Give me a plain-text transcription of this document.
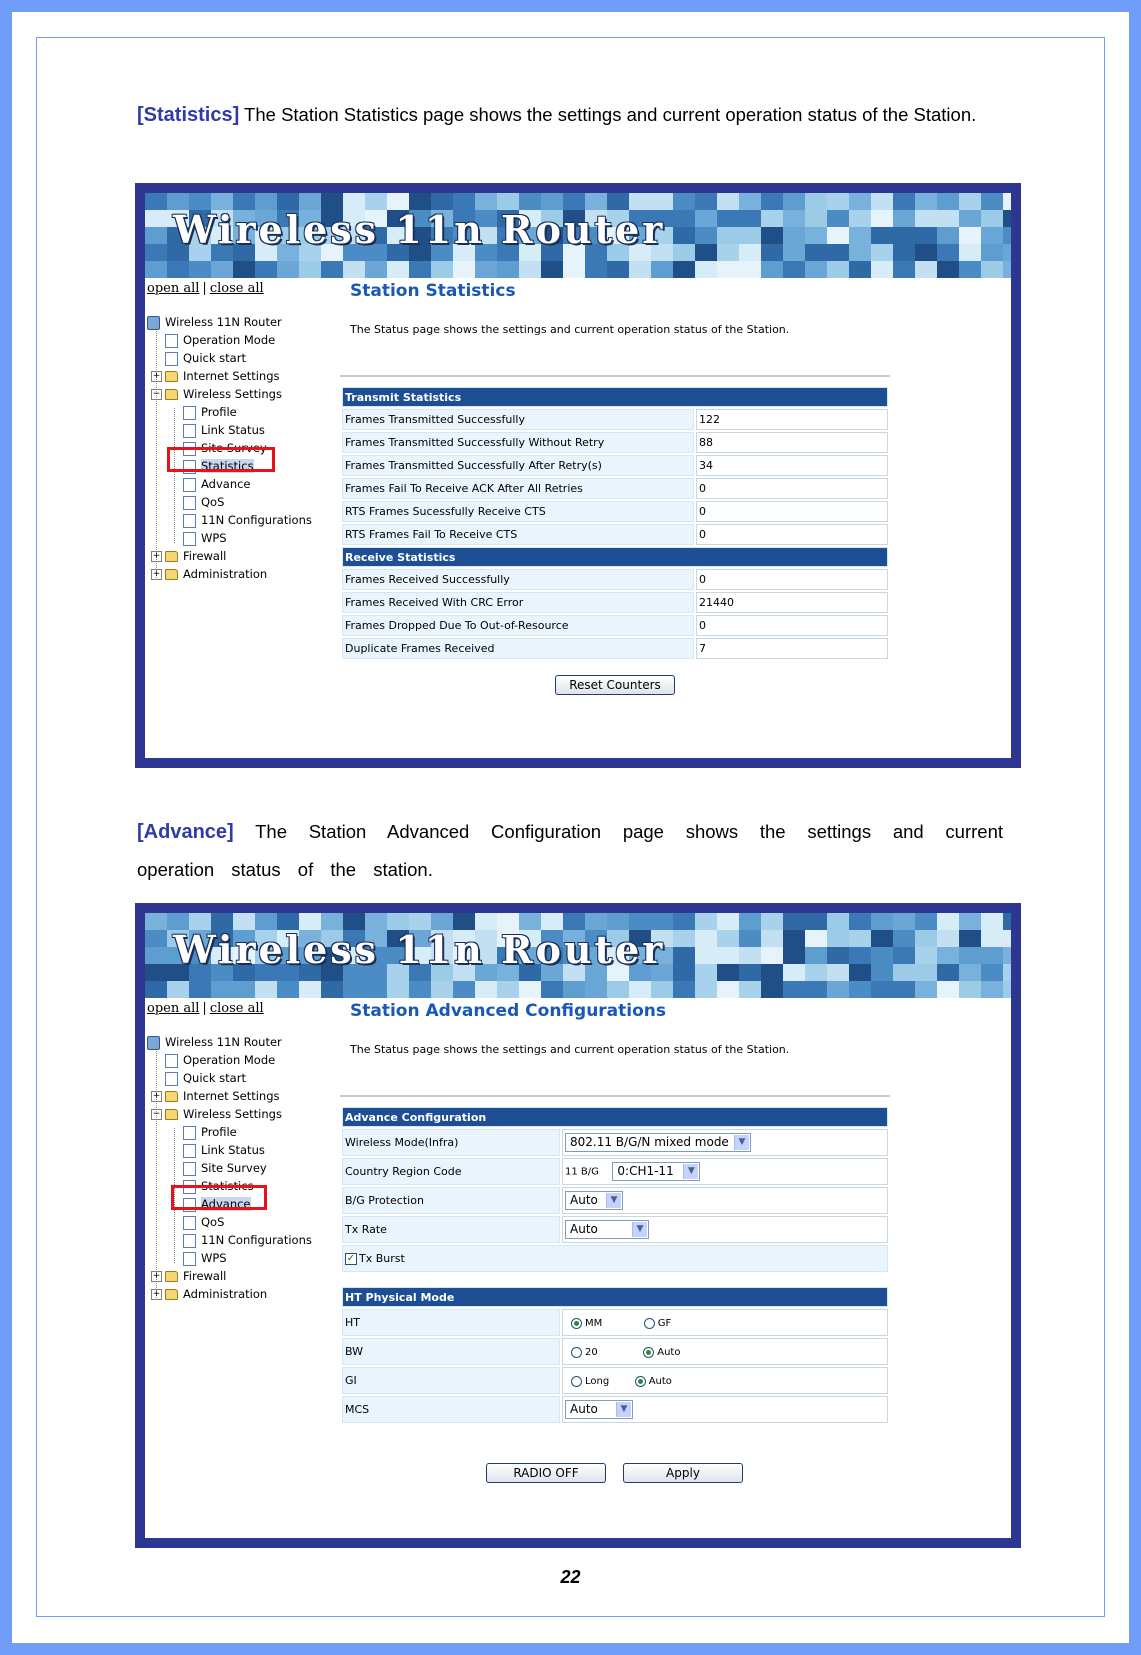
[Statistics] The Station Statistics page shows the settings and current operation status of the Station.
Wireless 11n Router
open all | close all
Wireless 11N Router
Operation Mode
Quick start
+ Internet Settings
− Wireless Settings
Profile
Link Status
Site Survey
Statistics
Advance
QoS
11N Configurations
WPS
+ Firewall
+ Administration
Station Statistics
The Status page shows the settings and current operation status of the Station.
Transmit Statistics	
Frames Transmitted Successfully	122
Frames Transmitted Successfully Without Retry	88
Frames Transmitted Successfully After Retry(s)	34
Frames Fail To Receive ACK After All Retries	0
RTS Frames Sucessfully Receive CTS	0
RTS Frames Fail To Receive CTS	0
Receive Statistics	
Frames Received Successfully	0
Frames Received With CRC Error	21440
Frames Dropped Due To Out-of-Resource	0
Duplicate Frames Received	7
Reset Counters
[Advance] The Station Advanced Configuration page shows the settings and current operation status of the station.
Wireless 11n Router
open all | close all
Wireless 11N Router
Operation Mode
Quick start
+ Internet Settings
− Wireless Settings
Profile
Link Status
Site Survey
Statistics
Advance
QoS
11N Configurations
WPS
+ Firewall
+ Administration
Station Advanced Configurations
The Status page shows the settings and current operation status of the Station.
Advance Configuration	
Wireless Mode(Infra)	802.11 B/G/N mixed mode ▼

Country Region Code	11 B/G 0:CH1-11 ▼

B/G Protection	Auto ▼

Tx Rate	Auto ▼

✓ Tx Burst	
HT Physical Mode	
HT	MM GF
BW	20 Auto
GI	Long Auto
MCS	Auto ▼
RADIO OFF	Apply
22
